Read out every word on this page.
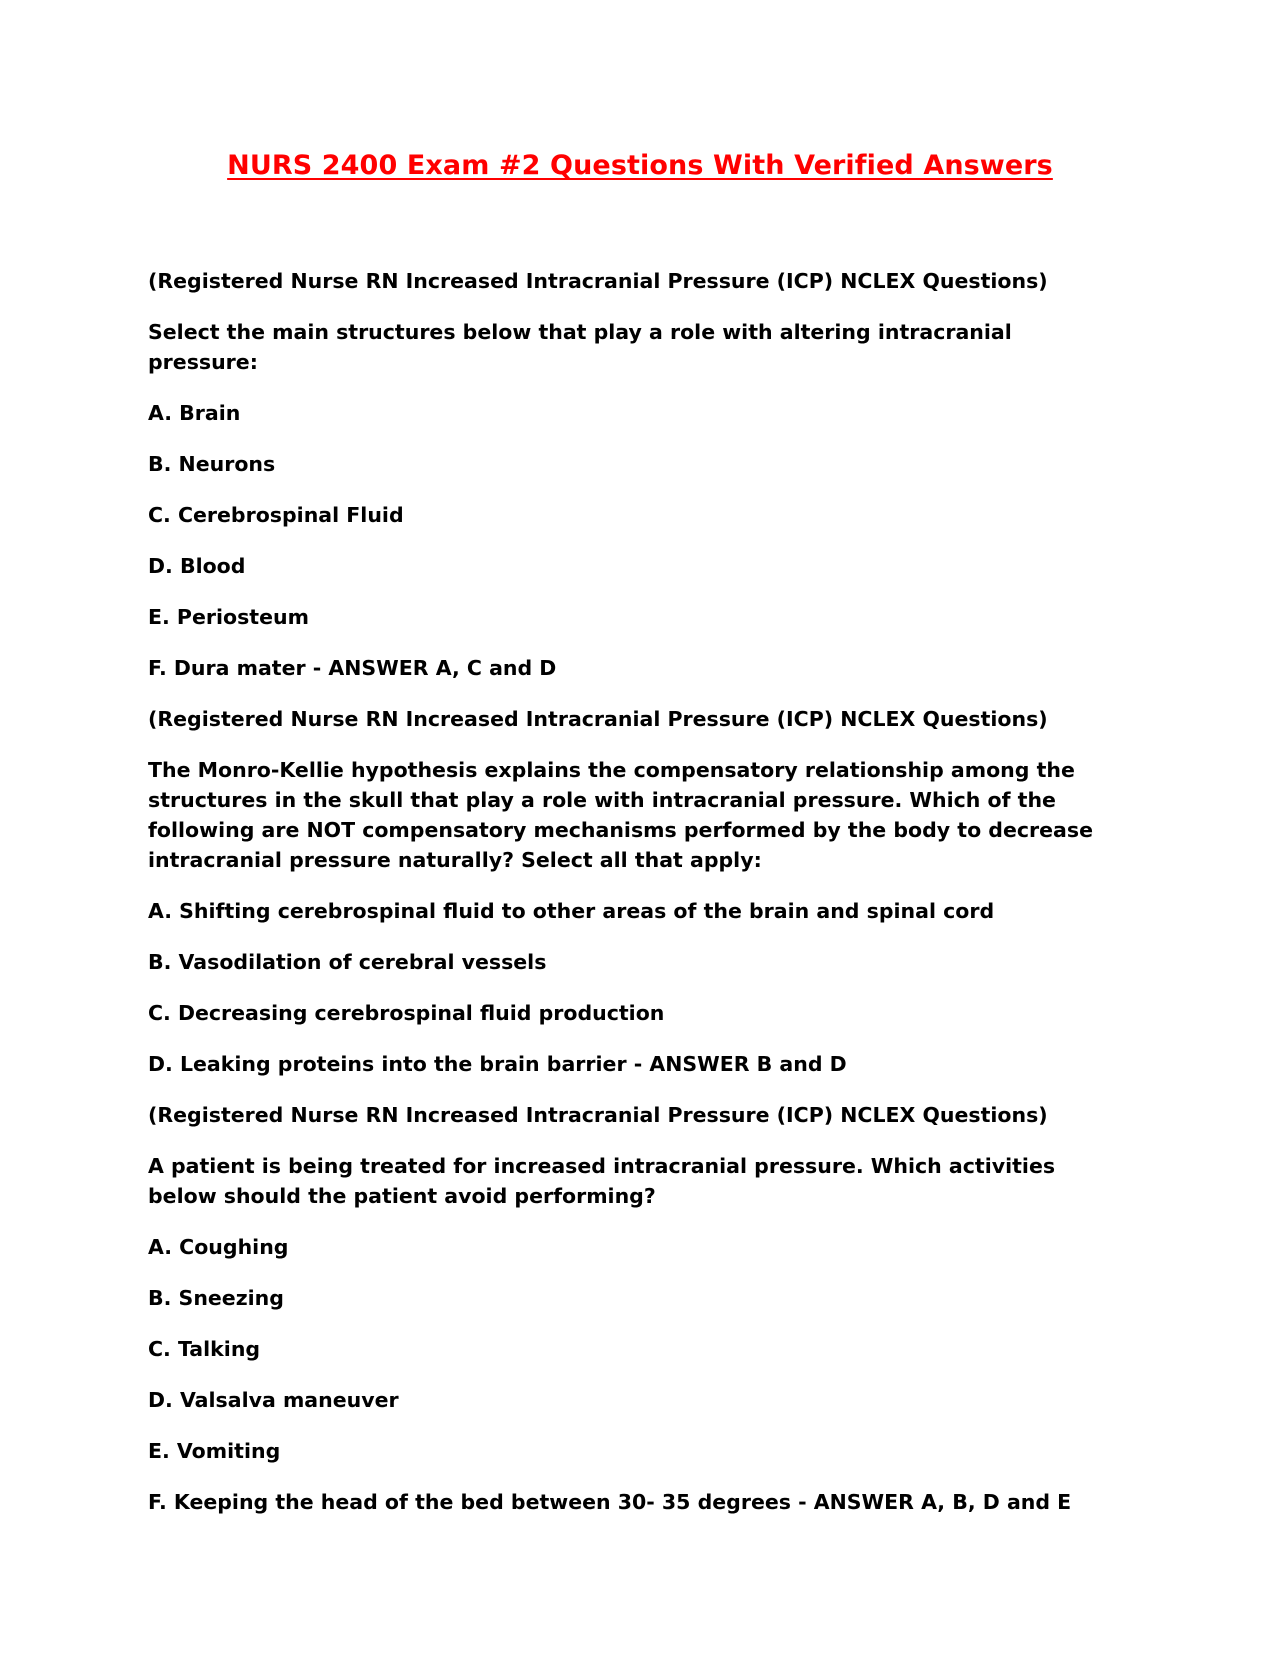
NURS 2400 Exam #2 Questions With Verified Answers

(Registered Nurse RN Increased Intracranial Pressure (ICP) NCLEX Questions)

Select the main structures below that play a role with altering intracranial pressure:

A. Brain

B. Neurons

C. Cerebrospinal Fluid

D. Blood

E. Periosteum

F. Dura mater - ANSWER A, C and D

(Registered Nurse RN Increased Intracranial Pressure (ICP) NCLEX Questions)

The Monro-Kellie hypothesis explains the compensatory relationship among the structures in the skull that play a role with intracranial pressure. Which of the following are NOT compensatory mechanisms performed by the body to decrease intracranial pressure naturally? Select all that apply:

A. Shifting cerebrospinal fluid to other areas of the brain and spinal cord

B. Vasodilation of cerebral vessels

C. Decreasing cerebrospinal fluid production

D. Leaking proteins into the brain barrier - ANSWER B and D

(Registered Nurse RN Increased Intracranial Pressure (ICP) NCLEX Questions)

A patient is being treated for increased intracranial pressure. Which activities below should the patient avoid performing?

A. Coughing

B. Sneezing

C. Talking

D. Valsalva maneuver

E. Vomiting

F. Keeping the head of the bed between 30- 35 degrees - ANSWER A, B, D and E
